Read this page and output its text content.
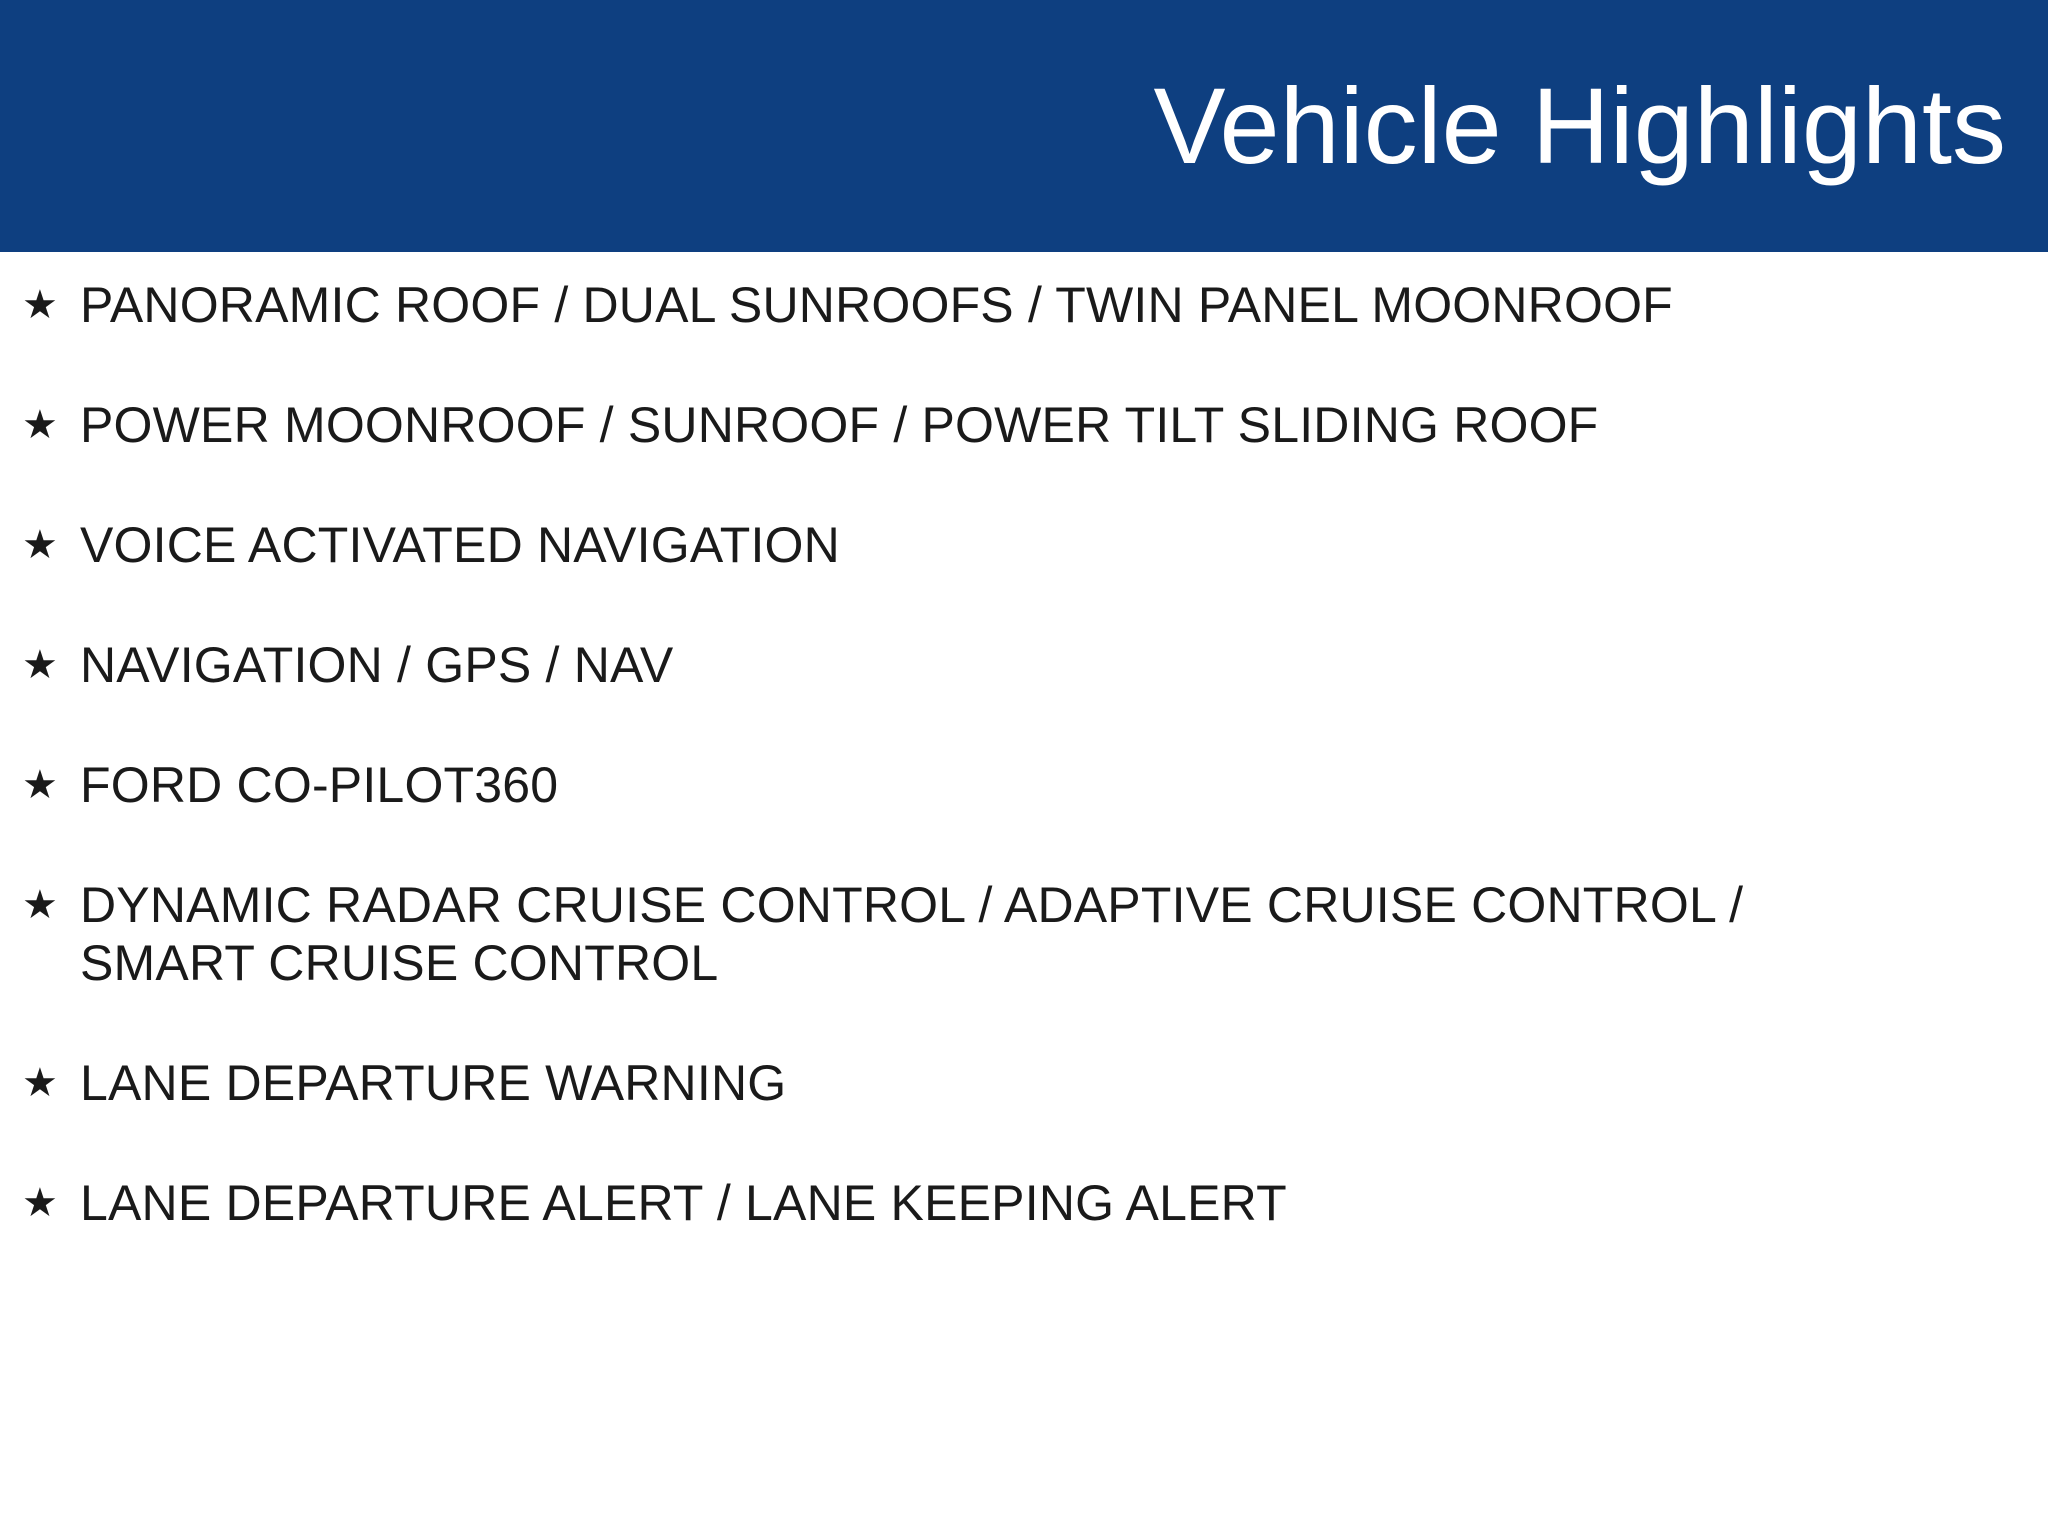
Vehicle Highlights
★ PANORAMIC ROOF / DUAL SUNROOFS / TWIN PANEL MOONROOF
★ POWER MOONROOF / SUNROOF / POWER TILT SLIDING ROOF
★ VOICE ACTIVATED NAVIGATION
★ NAVIGATION / GPS / NAV
★ FORD CO-PILOT360
★ DYNAMIC RADAR CRUISE CONTROL / ADAPTIVE CRUISE CONTROL / SMART CRUISE CONTROL
★ LANE DEPARTURE WARNING
★ LANE DEPARTURE ALERT / LANE KEEPING ALERT
